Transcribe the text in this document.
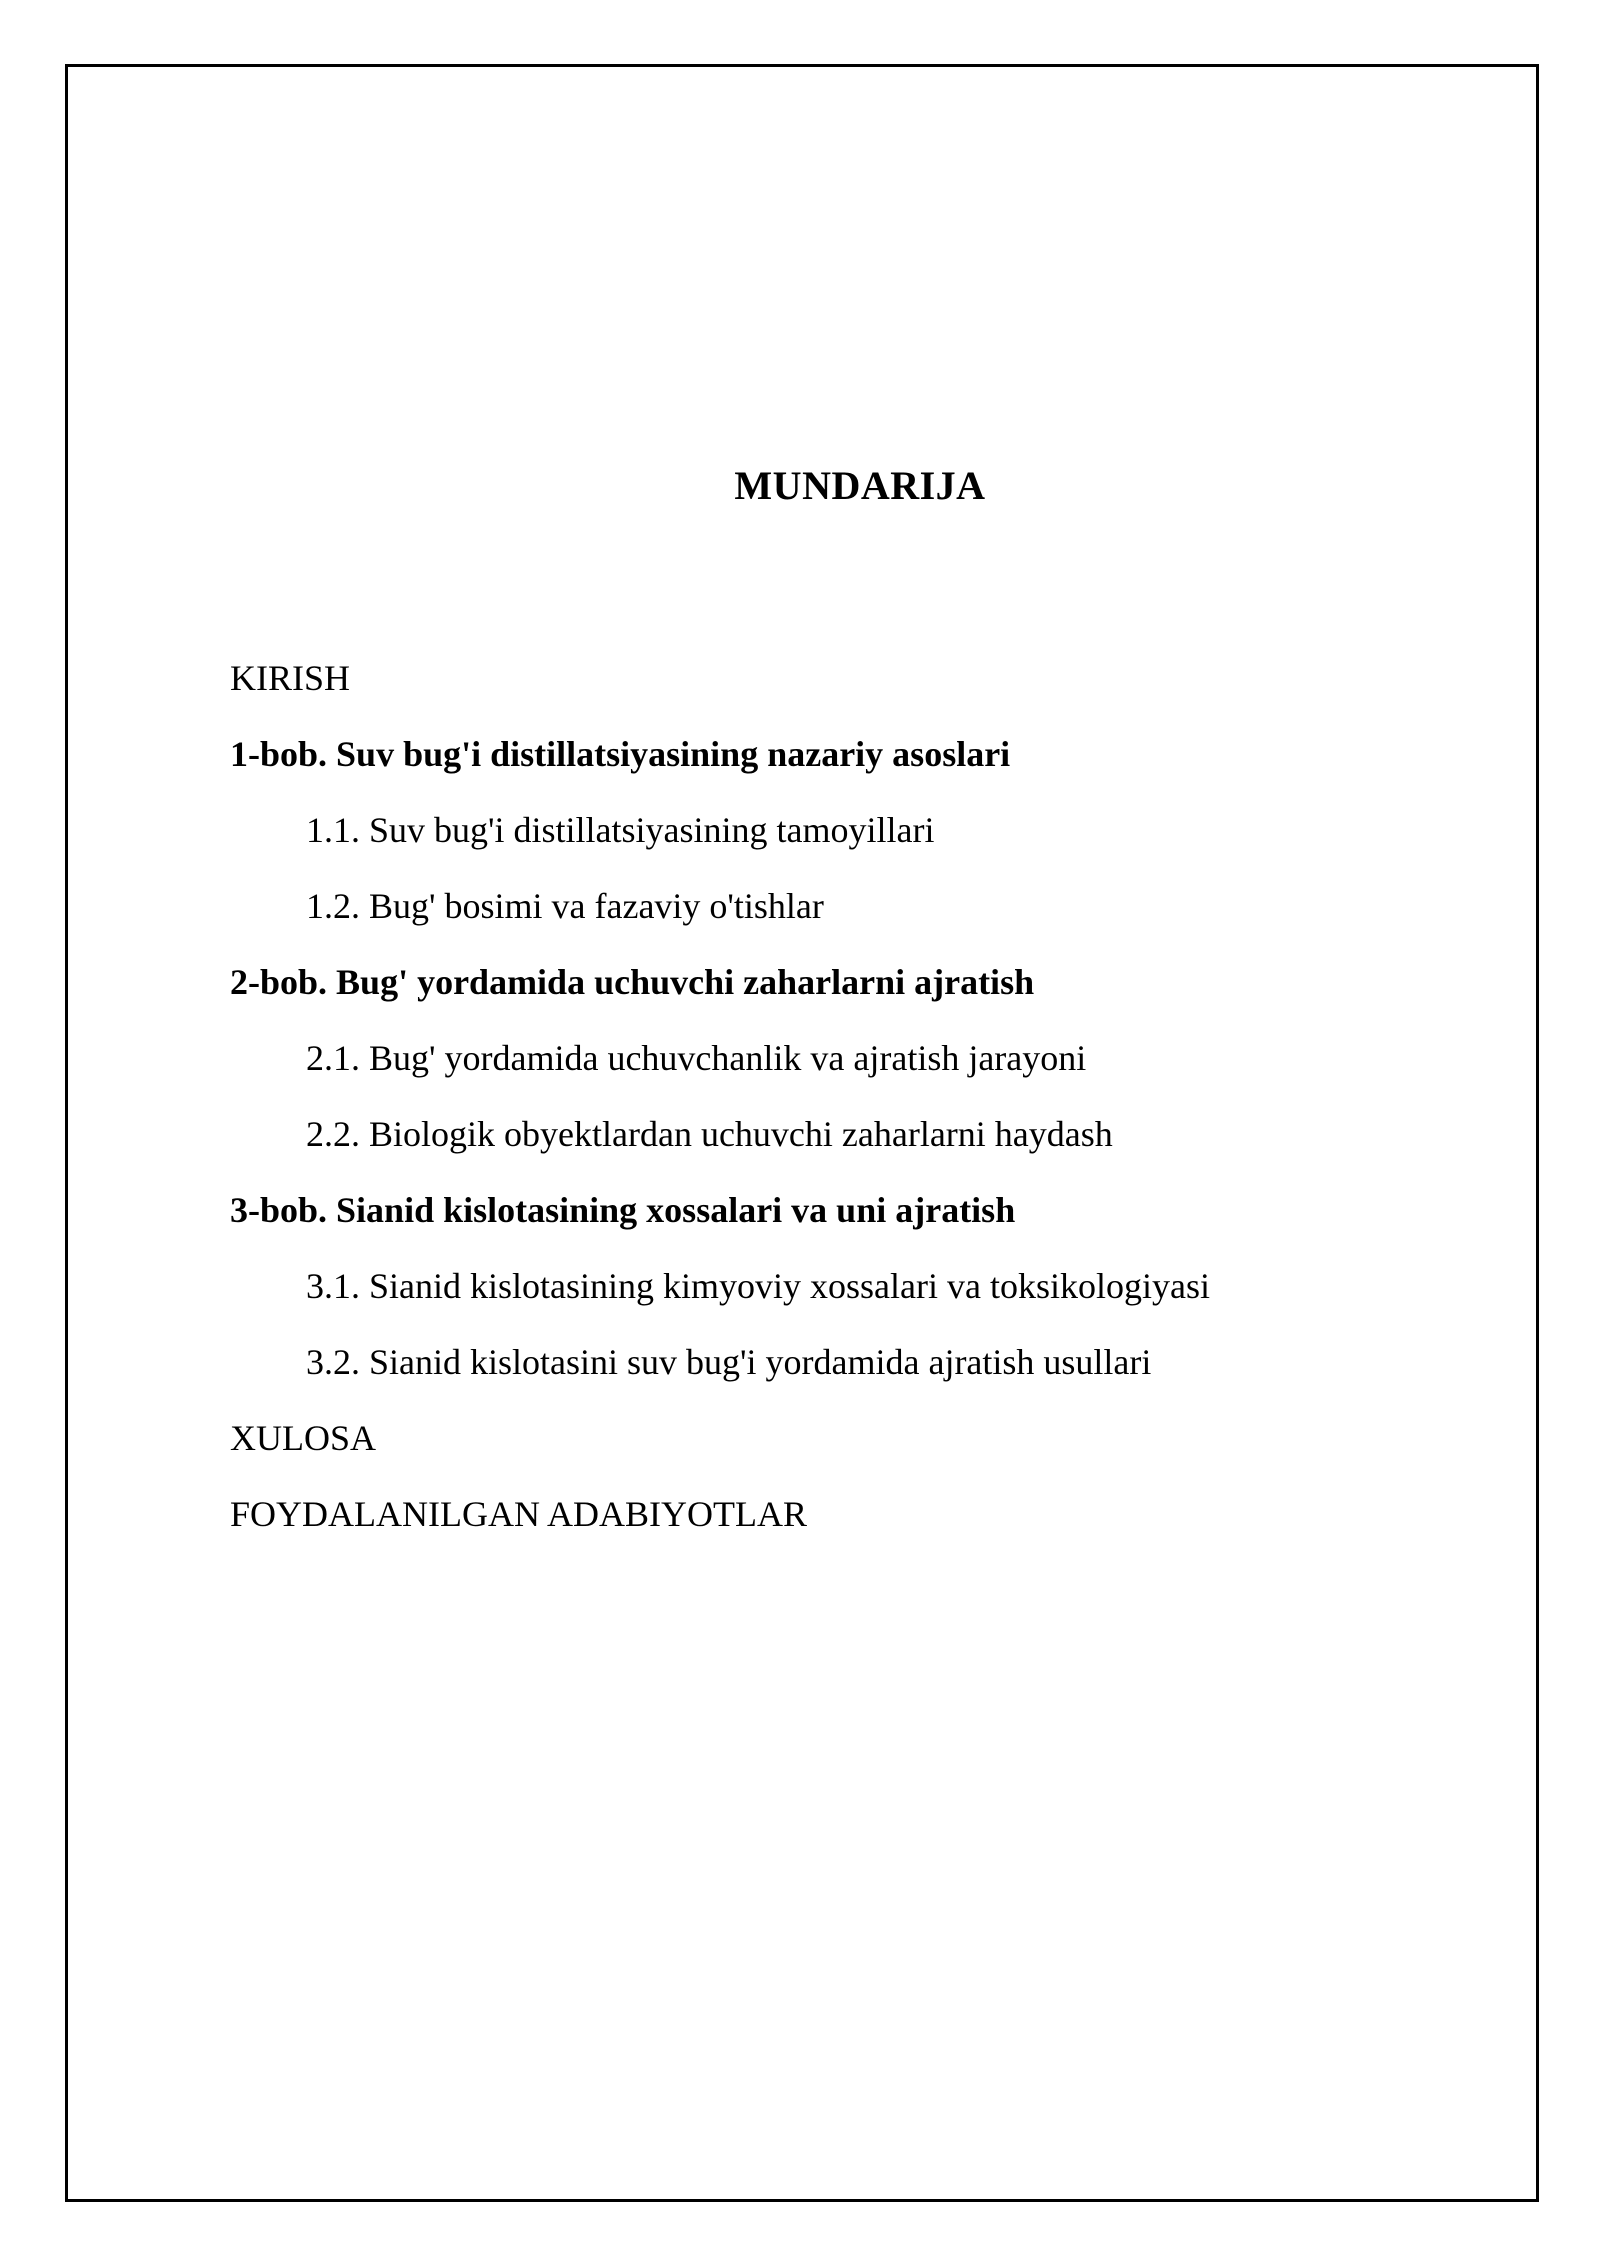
MUNDARIJA
KIRISH
1-bob. Suv bug'i distillatsiyasining nazariy asoslari
1.1. Suv bug'i distillatsiyasining tamoyillari
1.2. Bug' bosimi va fazaviy o'tishlar
2-bob. Bug' yordamida uchuvchi zaharlarni ajratish
2.1. Bug' yordamida uchuvchanlik va ajratish jarayoni
2.2. Biologik obyektlardan uchuvchi zaharlarni haydash
3-bob. Sianid kislotasining xossalari va uni ajratish
3.1. Sianid kislotasining kimyoviy xossalari va toksikologiyasi
3.2. Sianid kislotasini suv bug'i yordamida ajratish usullari
XULOSA
FOYDALANILGAN ADABIYOTLAR
